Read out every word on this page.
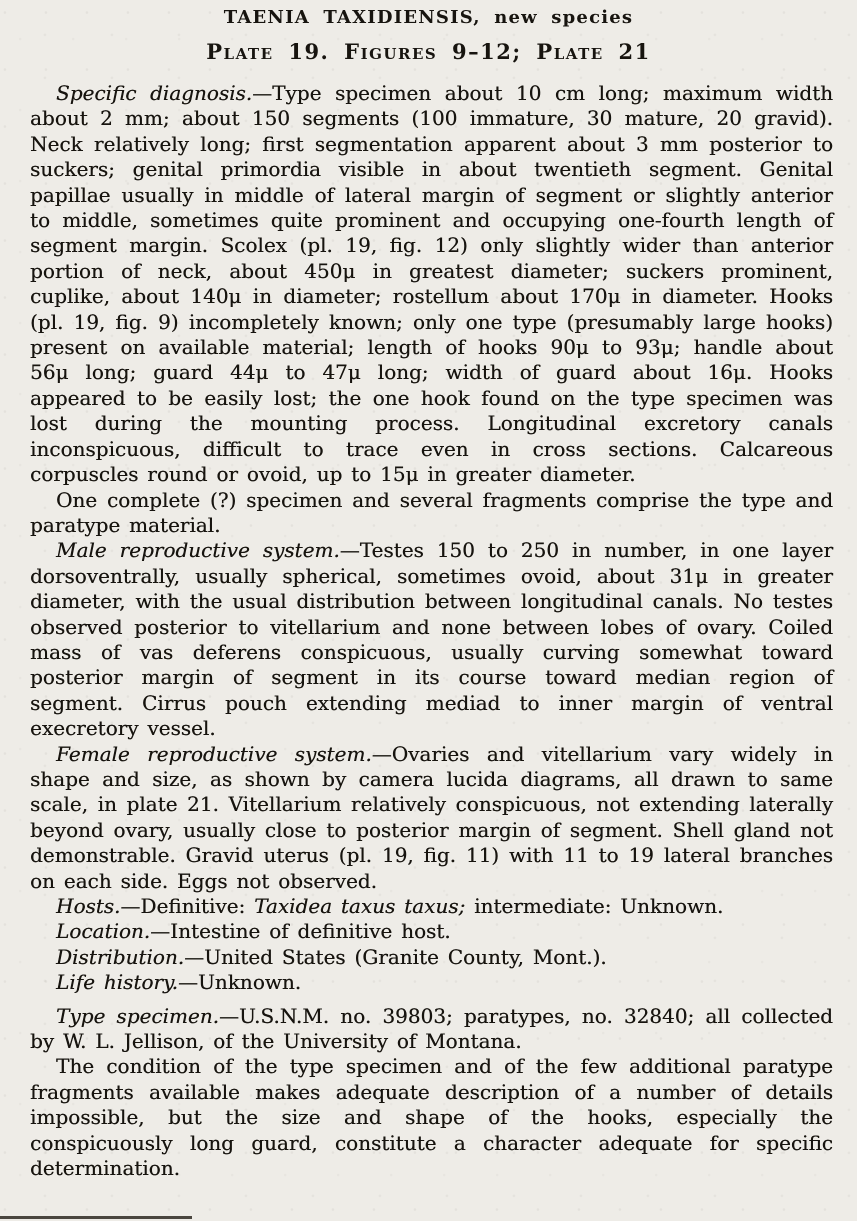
TAENIA TAXIDIENSIS, new species
Plate 19. Figures 9–12; Plate 21

Specific diagnosis.—Type specimen about 10 cm long; maximum width about 2 mm; about 150 segments (100 immature, 30 mature, 20 gravid). Neck relatively long; first segmentation apparent about 3 mm posterior to suckers; genital primordia visible in about twentieth segment. Genital papillae usually in middle of lateral margin of segment or slightly anterior to middle, sometimes quite prominent and occupying one-fourth length of segment margin. Scolex (pl. 19, fig. 12) only slightly wider than anterior portion of neck, about 450μ in greatest diameter; suckers prominent, cuplike, about 140μ in diameter; rostellum about 170μ in diameter. Hooks (pl. 19, fig. 9) incompletely known; only one type (presumably large hooks) present on available material; length of hooks 90μ to 93μ; handle about 56μ long; guard 44μ to 47μ long; width of guard about 16μ. Hooks appeared to be easily lost; the one hook found on the type specimen was lost during the mounting process. Longitudinal excretory canals inconspicuous, difficult to trace even in cross sections. Calcareous corpuscles round or ovoid, up to 15μ in greater diameter.

One complete (?) specimen and several fragments comprise the type and paratype material.

Male reproductive system.—Testes 150 to 250 in number, in one layer dorsoventrally, usually spherical, sometimes ovoid, about 31μ in greater diameter, with the usual distribution between longitudinal canals. No testes observed posterior to vitellarium and none between lobes of ovary. Coiled mass of vas deferens conspicuous, usually curving somewhat toward posterior margin of segment in its course toward median region of segment. Cirrus pouch extending mediad to inner margin of ventral execretory vessel.

Female reproductive system.—Ovaries and vitellarium vary widely in shape and size, as shown by camera lucida diagrams, all drawn to same scale, in plate 21. Vitellarium relatively conspicuous, not extending laterally beyond ovary, usually close to posterior margin of segment. Shell gland not demonstrable. Gravid uterus (pl. 19, fig. 11) with 11 to 19 lateral branches on each side. Eggs not observed.

Hosts.—Definitive: Taxidea taxus taxus; intermediate: Unknown.

Location.—Intestine of definitive host.

Distribution.—United States (Granite County, Mont.).

Life history.—Unknown.

Type specimen.—U.S.N.M. no. 39803; paratypes, no. 32840; all collected by W. L. Jellison, of the University of Montana.

The condition of the type specimen and of the few additional paratype fragments available makes adequate description of a number of details impossible, but the size and shape of the hooks, especially the conspicuously long guard, constitute a character adequate for specific determination.
